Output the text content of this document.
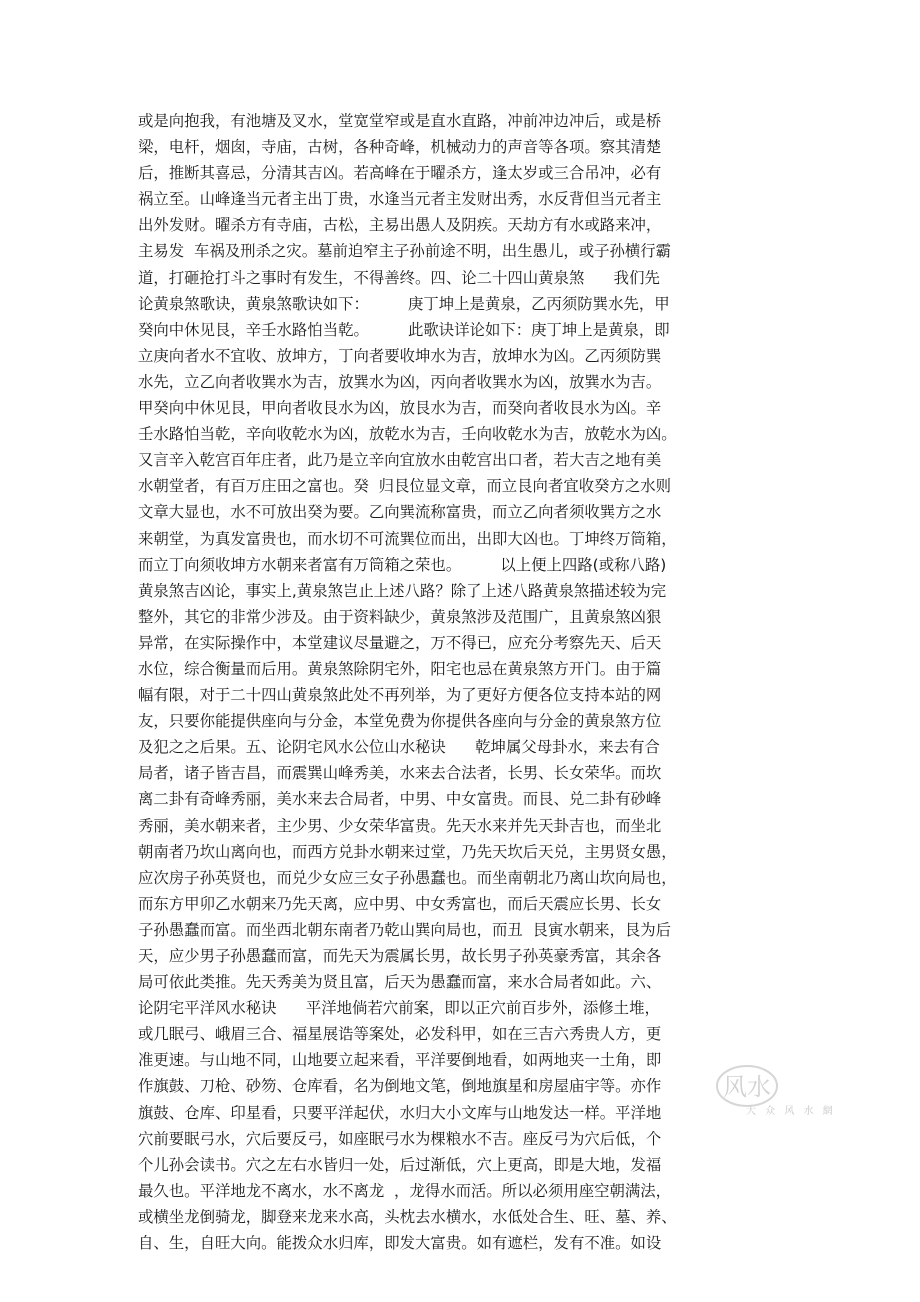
或是向抱我，有池塘及叉水，堂宽堂窄或是直水直路，冲前冲边冲后，或是桥
梁，电杆，烟囱，寺庙，古树，各种奇峰，机械动力的声音等各项。察其清楚
后，推断其喜忌，分清其吉凶。若高峰在于曜杀方，逢太岁或三合吊冲，必有
祸立至。山峰逢当元者主出丁贵，水逢当元者主发财出秀，水反背但当元者主
出外发财。曜杀方有寺庙，古松，主易出愚人及阴疾。天劫方有水或路来冲，
主易发  车祸及刑杀之灾。墓前迫窄主子孙前途不明，出生愚儿，或子孙横行霸
道，打砸抢打斗之事时有发生，不得善终。四、论二十四山黄泉煞      我们先
论黄泉煞歌诀，黄泉煞歌诀如下：        庚丁坤上是黄泉，乙丙须防巽水先，甲
癸向中休见艮，辛壬水路怕当乾。        此歌诀详论如下：庚丁坤上是黄泉，即
立庚向者水不宜收、放坤方，丁向者要收坤水为吉，放坤水为凶。乙丙须防巽
水先，立乙向者收巽水为吉，放巽水为凶，丙向者收巽水为凶，放巽水为吉。
甲癸向中休见艮，甲向者收艮水为凶，放艮水为吉，而癸向者收艮水为凶。辛
壬水路怕当乾，辛向收乾水为凶，放乾水为吉，壬向收乾水为吉，放乾水为凶。
又言辛入乾宫百年庄者，此乃是立辛向宜放水由乾宫出口者，若大吉之地有美
水朝堂者，有百万庄田之富也。癸  归艮位显文章，而立艮向者宜收癸方之水则
文章大显也，水不可放出癸为要。乙向巽流称富贵，而立乙向者须收巽方之水
来朝堂，为真发富贵也，而水切不可流巽位而出，出即大凶也。丁坤终万筒箱，
而立丁向须收坤方水朝来者富有万筒箱之荣也。        以上便上四路(或称八路)
黄泉煞吉凶论，事实上,黄泉煞岂止上述八路？除了上述八路黄泉煞描述较为完
整外，其它的非常少涉及。由于资料缺少，黄泉煞涉及范围广，且黄泉煞凶狠
异常，在实际操作中，本堂建议尽量避之，万不得已，应充分考察先天、后天
水位，综合衡量而后用。黄泉煞除阴宅外，阳宅也忌在黄泉煞方开门。由于篇
幅有限，对于二十四山黄泉煞此处不再列举，为了更好方便各位支持本站的网
友，只要你能提供座向与分金，本堂免费为你提供各座向与分金的黄泉煞方位
及犯之之后果。五、论阴宅风水公位山水秘诀      乾坤属父母卦水，来去有合
局者，诸子皆吉昌，而震巽山峰秀美，水来去合法者，长男、长女荣华。而坎
离二卦有奇峰秀丽，美水来去合局者，中男、中女富贵。而艮、兑二卦有砂峰
秀丽，美水朝来者，主少男、少女荣华富贵。先天水来并先天卦吉也，而坐北
朝南者乃坎山离向也，而西方兑卦水朝来过堂，乃先天坎后天兑，主男贤女愚，
应次房子孙英贤也，而兑少女应三女子孙愚蠢也。而坐南朝北乃离山坎向局也，
而东方甲卯乙水朝来乃先天离，应中男、中女秀富也，而后天震应长男、长女
子孙愚蠢而富。而坐西北朝东南者乃乾山巽向局也，而丑  艮寅水朝来，艮为后
天，应少男子孙愚蠢而富，而先天为震属长男，故长男子孙英豪秀富，其余各
局可依此类推。先天秀美为贤且富，后天为愚蠢而富，来水合局者如此。六、
论阴宅平洋风水秘诀      平洋地倘若穴前案，即以正穴前百步外，添修土堆，
或几眠弓、峨眉三合、福星展诰等案处，必发科甲，如在三吉六秀贵人方，更
准更速。与山地不同，山地要立起来看，平洋要倒地看，如两地夹一土角，即
作旗鼓、刀枪、砂笏、仓库看，名为倒地文笔，倒地旗星和房屋庙宇等。亦作
旗鼓、仓库、印星看，只要平洋起伏，水归大小文库与山地发达一样。平洋地
穴前要眠弓水，穴后要反弓，如座眠弓水为棵粮水不吉。座反弓为穴后低，个
个儿孙会读书。穴之左右水皆归一处，后过渐低，穴上更高，即是大地，发福
最久也。平洋地龙不离水，水不离龙  ，龙得水而活。所以必须用座空朝满法，
或横坐龙倒骑龙，脚登来龙来水高，头枕去水横水，水低处合生、旺、墓、养、
自、生，自旺大向。能拨众水归库，即发大富贵。如有遮栏，发有不准。如设
风水
大 众 风 水 網
